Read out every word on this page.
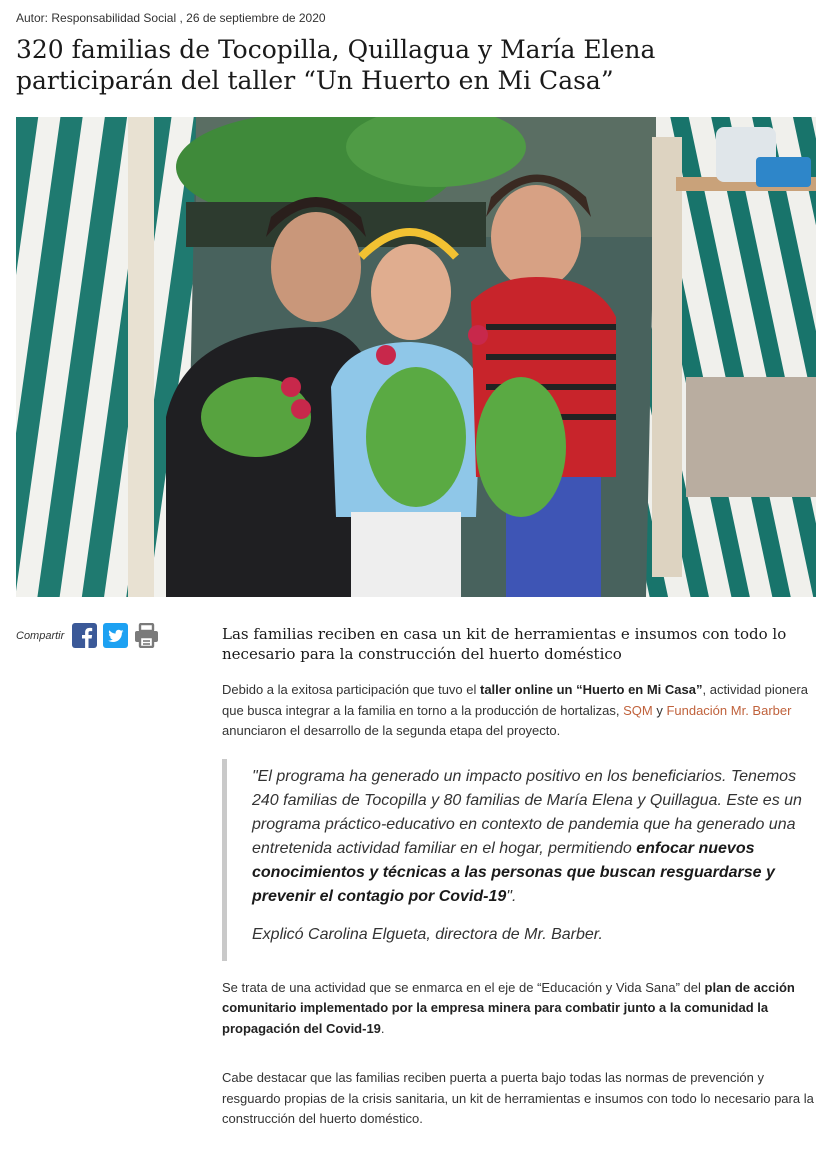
Autor: Responsabilidad Social , 26 de septiembre de 2020
320 familias de Tocopilla, Quillagua y María Elena participarán del taller “Un Huerto en Mi Casa”
Compartir	Las familias reciben en casa un kit de herramientas e insumos con todo lo necesario para la construcción del huerto doméstico

Debido a la exitosa participación que tuvo el taller online un “Huerto en Mi Casa”, actividad pionera que busca integrar a la familia en torno a la producción de hortalizas, SQM y Fundación Mr. Barber anunciaron el desarrollo de la segunda etapa del proyecto.

"El programa ha generado un impacto positivo en los beneficiarios. Tenemos 240 familias de Tocopilla y 80 familias de María Elena y Quillagua. Este es un programa práctico-educativo en contexto de pandemia que ha generado una entretenida actividad familiar en el hogar, permitiendo enfocar nuevos conocimientos y técnicas a las personas que buscan resguardarse y prevenir el contagio por Covid-19".
Explicó Carolina Elgueta, directora de Mr. Barber.

Se trata de una actividad que se enmarca en el eje de “Educación y Vida Sana” del plan de acción comunitario implementado por la empresa minera para combatir junto a la comunidad la propagación del Covid-19.

Cabe destacar que las familias reciben puerta a puerta bajo todas las normas de prevención y resguardo propias de la crisis sanitaria, un kit de herramientas e insumos con todo lo necesario para la construcción del huerto doméstico.
